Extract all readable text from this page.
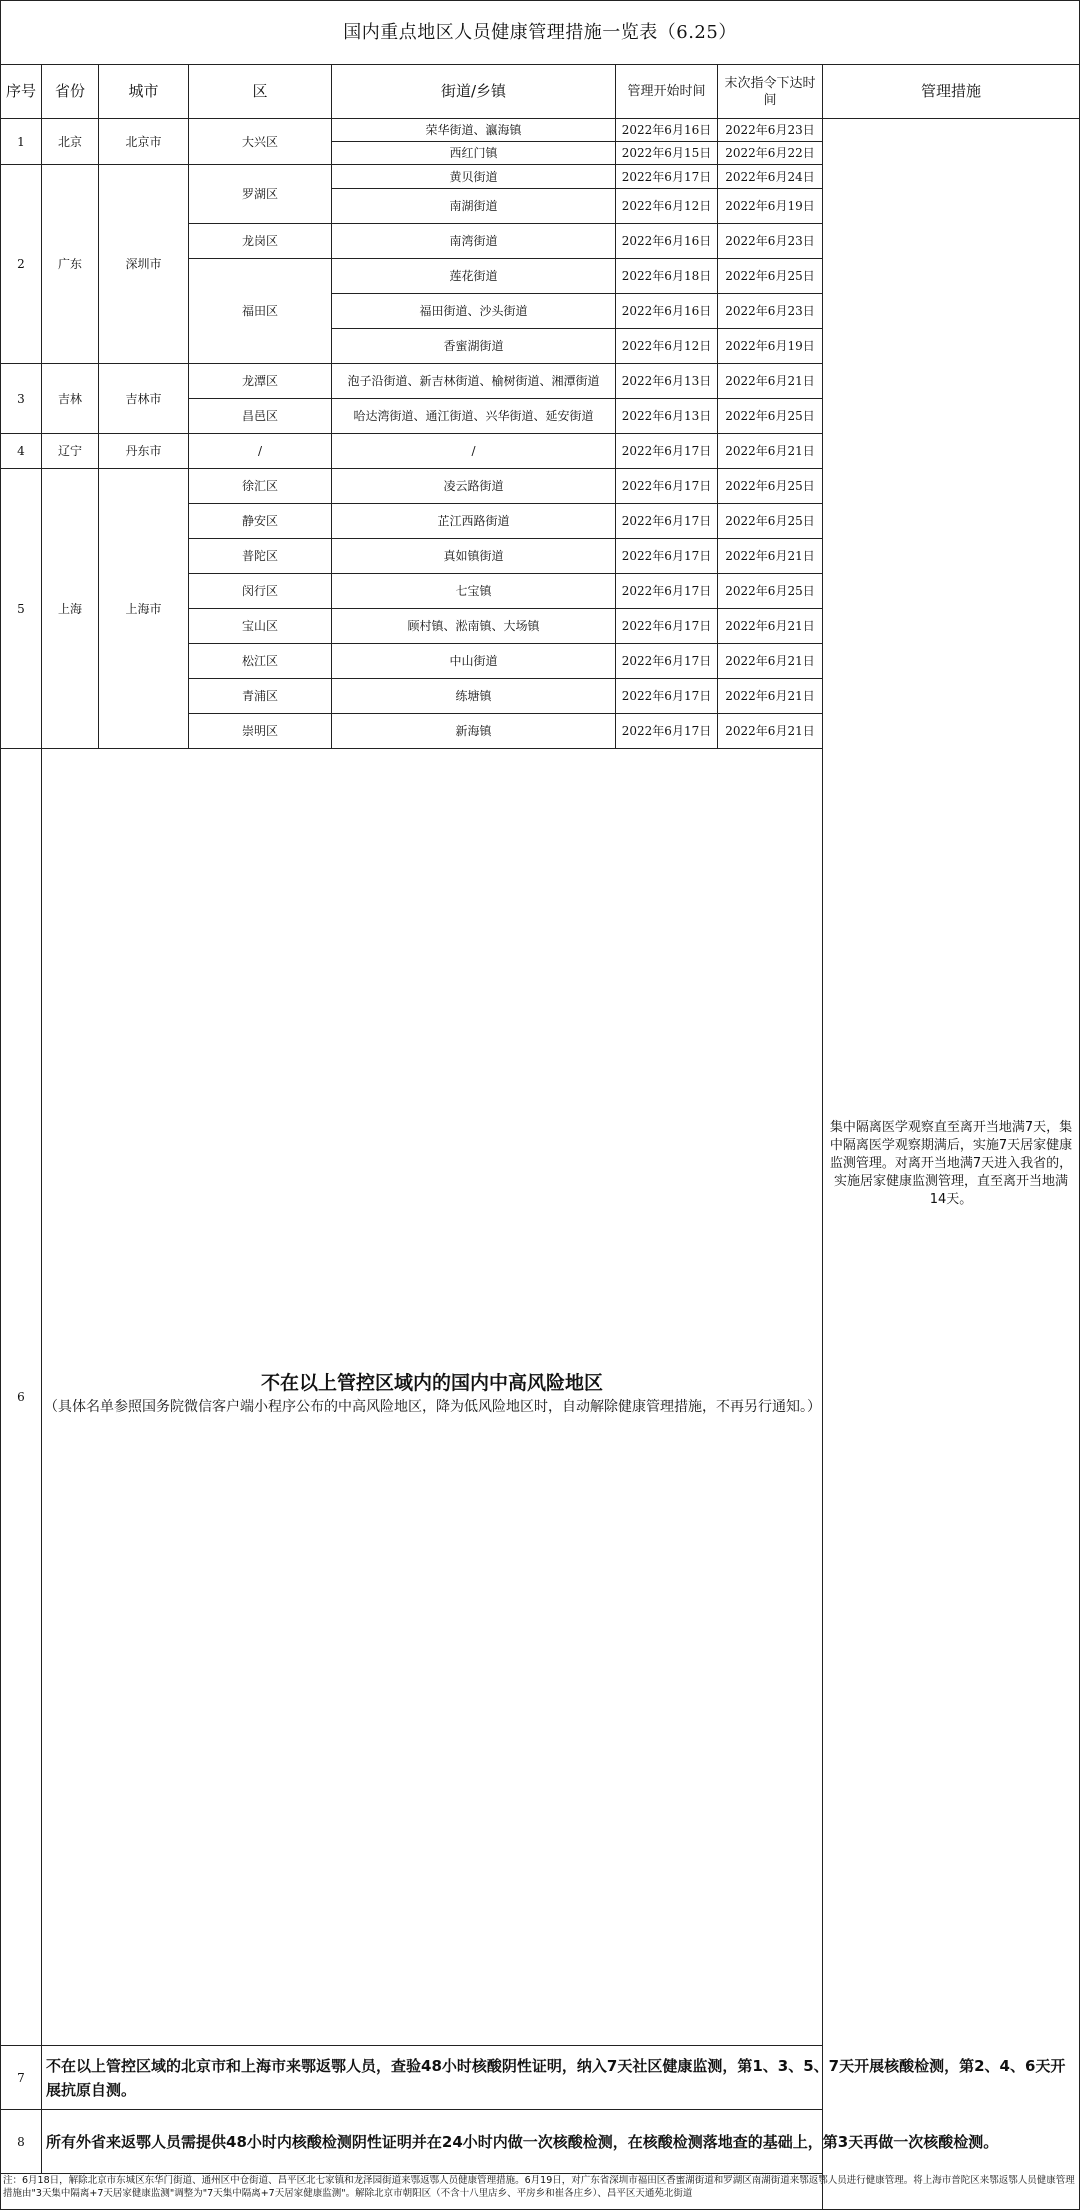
国内重点地区人员健康管理措施一览表（6.25）								
序号	省份	城市	区	街道/乡镇	管理开始时间	末次指令下达时间	管理措施	
1	北京	北京市	大兴区	荣华街道、瀛海镇	2022年6月16日	2022年6月23日	集中隔离医学观察直至离开当地满7天，集中隔离医学观察期满后，实施7天居家健康监测管理。对离开当地满7天进入我省的，实施居家健康监测管理，直至离开当地满14天。	
				西红门镇	2022年6月15日	2022年6月22日		
2	广东	深圳市	罗湖区	黄贝街道	2022年6月17日	2022年6月24日		
				南湖街道	2022年6月12日	2022年6月19日		
			龙岗区	南湾街道	2022年6月16日	2022年6月23日		
			福田区	莲花街道	2022年6月18日	2022年6月25日		
				福田街道、沙头街道	2022年6月16日	2022年6月23日		
				香蜜湖街道	2022年6月12日	2022年6月19日		
3	吉林	吉林市	龙潭区	泡子沿街道、新吉林街道、榆树街道、湘潭街道	2022年6月13日	2022年6月21日		
			昌邑区	哈达湾街道、通江街道、兴华街道、延安街道	2022年6月13日	2022年6月25日		
4	辽宁	丹东市	/	/	2022年6月17日	2022年6月21日		
5	上海	上海市	徐汇区	凌云路街道	2022年6月17日	2022年6月25日		
			静安区	芷江西路街道	2022年6月17日	2022年6月25日		
			普陀区	真如镇街道	2022年6月17日	2022年6月21日		
			闵行区	七宝镇	2022年6月17日	2022年6月25日		
			宝山区	顾村镇、淞南镇、大场镇	2022年6月17日	2022年6月21日		
			松江区	中山街道	2022年6月17日	2022年6月21日		
			青浦区	练塘镇	2022年6月17日	2022年6月21日		
			崇明区	新海镇	2022年6月17日	2022年6月21日		
6	不在以上管控区域内的国内中高风险地区
（具体名单参照国务院微信客户端小程序公布的中高风险地区，降为低风险地区时，自动解除健康管理措施，不再另行通知。）

7	不在以上管控区域的北京市和上海市来鄂返鄂人员，查验48小时核酸阴性证明，纳入7天社区健康监测，第1、3、5、7天开展核酸检测，第2、4、6天开展抗原自测。							
8	所有外省来返鄂人员需提供48小时内核酸检测阴性证明并在24小时内做一次核酸检测，在核酸检测落地查的基础上，第3天再做一次核酸检测。							
注：6月18日，解除北京市东城区东华门街道、通州区中仓街道、昌平区北七家镇和龙泽园街道来鄂返鄂人员健康管理措施。6月19日，对广东省深圳市福田区香蜜湖街道和罗湖区南湖街道来鄂返鄂人员进行健康管理。将上海市普陀区来鄂返鄂人员健康管理措施由"3天集中隔离+7天居家健康监测"调整为"7天集中隔离+7天居家健康监测"。解除北京市朝阳区（不含十八里店乡、平房乡和崔各庄乡）、昌平区天通苑北街道								
